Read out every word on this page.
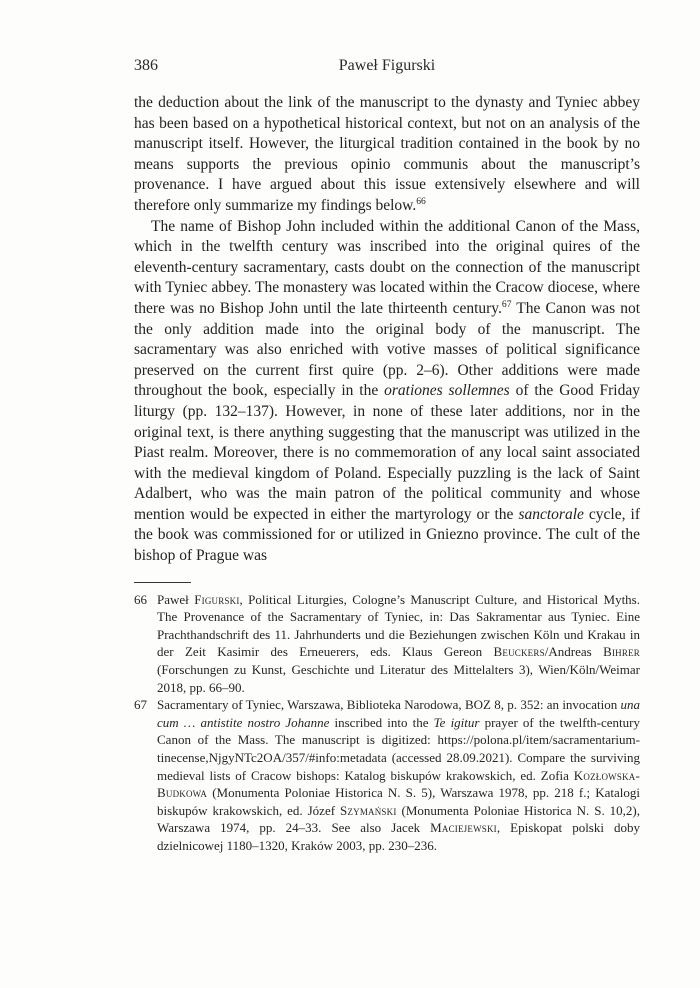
386	Paweł Figurski

the deduction about the link of the manuscript to the dynasty and Tyniec abbey has been based on a hypothetical historical context, but not on an analysis of the manuscript itself. However, the liturgical tradition contained in the book by no means supports the previous opinio communis about the manuscript’s provenance. I have argued about this issue extensively elsewhere and will therefore only summarize my findings below.$^{66}$

The name of Bishop John included within the additional Canon of the Mass, which in the twelfth century was inscribed into the original quires of the eleventh-century sacramentary, casts doubt on the connection of the manuscript with Tyniec abbey. The monastery was located within the Cracow diocese, where there was no Bishop John until the late thirteenth century.$^{67}$ The Canon was not the only addition made into the original body of the manuscript. The sacramentary was also enriched with votive masses of political significance preserved on the current first quire (pp. 2–6). Other additions were made throughout the book, especially in the orationes sollemnes of the Good Friday liturgy (pp. 132–137). However, in none of these later additions, nor in the original text, is there anything suggesting that the manuscript was utilized in the Piast realm. Moreover, there is no commemoration of any local saint associated with the medieval kingdom of Poland. Especially puzzling is the lack of Saint Adalbert, who was the main patron of the political community and whose mention would be expected in either the martyrology or the sanctorale cycle, if the book was commissioned for or utilized in Gniezno province. The cult of the bishop of Prague was

66 Paweł Figurski, Political Liturgies, Cologne’s Manuscript Culture, and Historical Myths. The Provenance of the Sacramentary of Tyniec, in: Das Sakramentar aus Tyniec. Eine Prachthandschrift des 11. Jahrhunderts und die Beziehungen zwischen Köln und Krakau in der Zeit Kasimir des Erneuerers, eds. Klaus Gereon Beuckers/Andreas Bihrer (Forschungen zu Kunst, Geschichte und Literatur des Mittelalters 3), Wien/Köln/Weimar 2018, pp. 66–90.
67 Sacramentary of Tyniec, Warszawa, Biblioteka Narodowa, BOZ 8, p. 352: an invocation una cum … antistite nostro Johanne inscribed into the Te igitur prayer of the twelfth-century Canon of the Mass. The manuscript is digitized: https://polona.pl/item/sacramentarium-tinecense,NjgyNTc2OA/357/#info:metadata (accessed 28.09.2021). Compare the surviving medieval lists of Cracow bishops: Katalog biskupów krakowskich, ed. Zofia Kozłowska-Budkowa (Monumenta Poloniae Historica N. S. 5), Warszawa 1978, pp. 218 f.; Katalogi biskupów krakowskich, ed. Józef Szymański (Monumenta Poloniae Historica N. S. 10,2), Warszawa 1974, pp. 24–33. See also Jacek Maciejewski, Episkopat polski doby dzielnicowej 1180–1320, Kraków 2003, pp. 230–236.
